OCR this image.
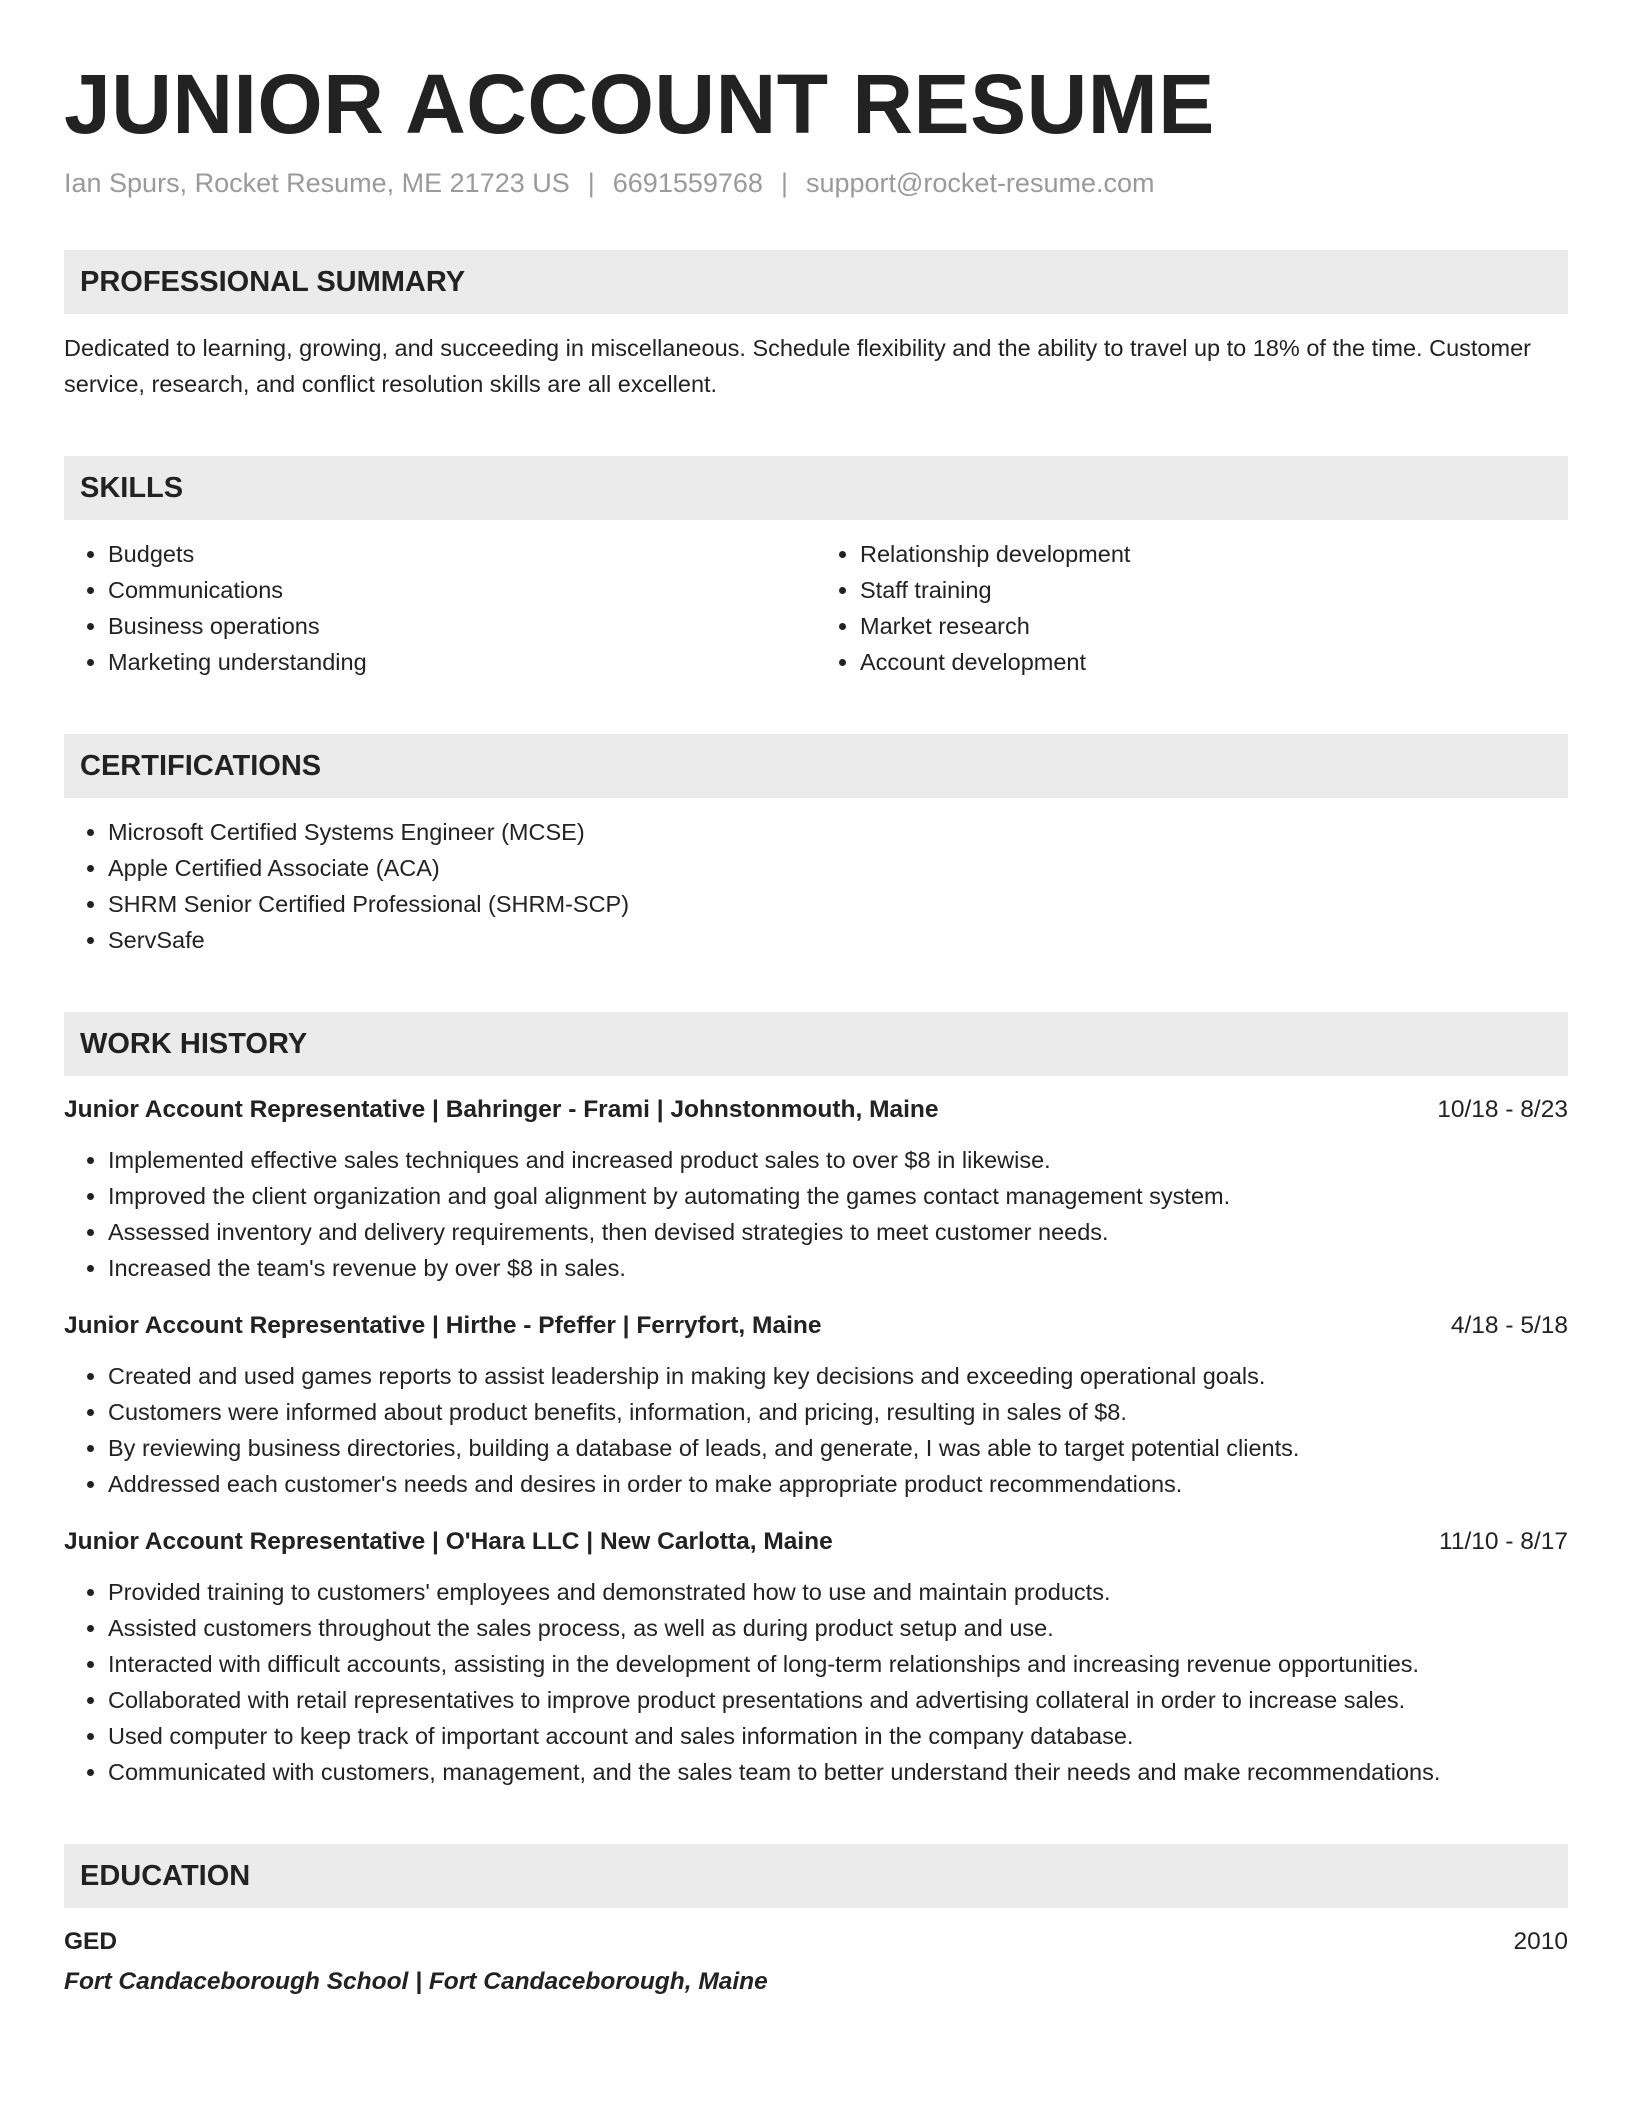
JUNIOR ACCOUNT RESUME
Ian Spurs, Rocket Resume, ME 21723 US | 6691559768 | support@rocket-resume.com
PROFESSIONAL SUMMARY
Dedicated to learning, growing, and succeeding in miscellaneous. Schedule flexibility and the ability to travel up to 18% of the time. Customer service, research, and conflict resolution skills are all excellent.
SKILLS
• Budgets
• Communications
• Business operations
• Marketing understanding
• Relationship development
• Staff training
• Market research
• Account development
CERTIFICATIONS
• Microsoft Certified Systems Engineer (MCSE)
• Apple Certified Associate (ACA)
• SHRM Senior Certified Professional (SHRM-SCP)
• ServSafe
WORK HISTORY
Junior Account Representative | Bahringer - Frami | Johnstonmouth, Maine	10/18 - 8/23
• Implemented effective sales techniques and increased product sales to over $8 in likewise.
• Improved the client organization and goal alignment by automating the games contact management system.
• Assessed inventory and delivery requirements, then devised strategies to meet customer needs.
• Increased the team's revenue by over $8 in sales.
Junior Account Representative | Hirthe - Pfeffer | Ferryfort, Maine	4/18 - 5/18
• Created and used games reports to assist leadership in making key decisions and exceeding operational goals.
• Customers were informed about product benefits, information, and pricing, resulting in sales of $8.
• By reviewing business directories, building a database of leads, and generate, I was able to target potential clients.
• Addressed each customer's needs and desires in order to make appropriate product recommendations.
Junior Account Representative | O'Hara LLC | New Carlotta, Maine	11/10 - 8/17
• Provided training to customers' employees and demonstrated how to use and maintain products.
• Assisted customers throughout the sales process, as well as during product setup and use.
• Interacted with difficult accounts, assisting in the development of long-term relationships and increasing revenue opportunities.
• Collaborated with retail representatives to improve product presentations and advertising collateral in order to increase sales.
• Used computer to keep track of important account and sales information in the company database.
• Communicated with customers, management, and the sales team to better understand their needs and make recommendations.
EDUCATION
GED	2010
Fort Candaceborough School | Fort Candaceborough, Maine
